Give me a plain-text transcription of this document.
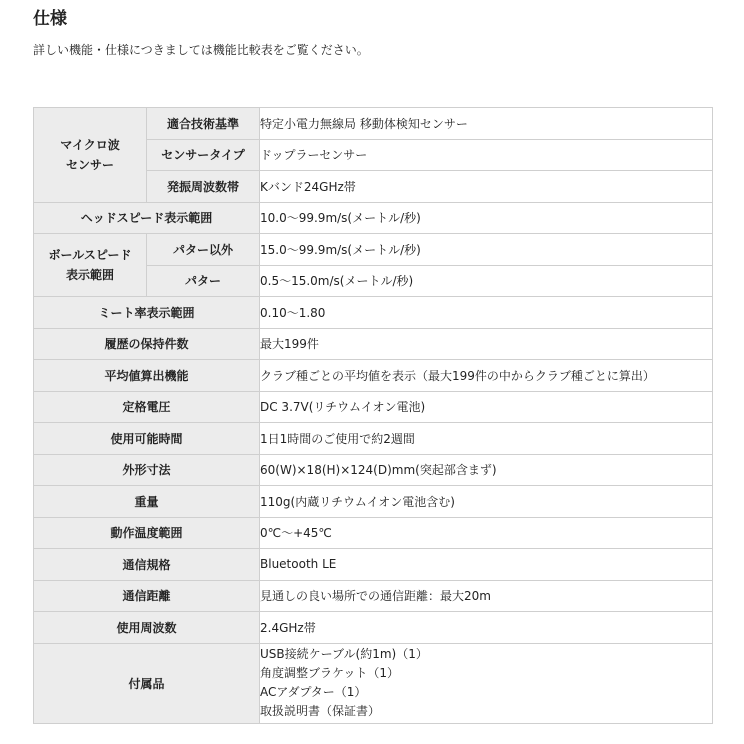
仕様
詳しい機能・仕様につきましては機能比較表をご覧ください。
マイクロ波
センサー	適合技術基準	特定小電力無線局 移動体検知センサー
	センサータイプ	ドップラーセンサー
	発振周波数帯	Kバンド24GHz帯
ヘッドスピード表示範囲		10.0～99.9m/s(メートル/秒)

ボールスピード
表示範囲	パター以外	15.0～99.9m/s(メートル/秒)
	パター	0.5～15.0m/s(メートル/秒)
ミート率表示範囲		0.10～1.80
履歴の保持件数		最大199件
平均値算出機能		クラブ種ごとの平均値を表示（最大199件の中からクラブ種ごとに算出）
定格電圧		DC 3.7V(リチウムイオン電池)
使用可能時間		1日1時間のご使用で約2週間
外形寸法		60(W)×18(H)×124(D)mm(突起部含まず)
重量		110g(内蔵リチウムイオン電池含む)
動作温度範囲		0℃～+45℃
通信規格		Bluetooth LE
通信距離		見通しの良い場所での通信距離：最大20m
使用周波数		2.4GHz帯
付属品		USB接続ケーブル(約1m)（1）
角度調整ブラケット（1）
ACアダプター（1）
取扱説明書（保証書）
